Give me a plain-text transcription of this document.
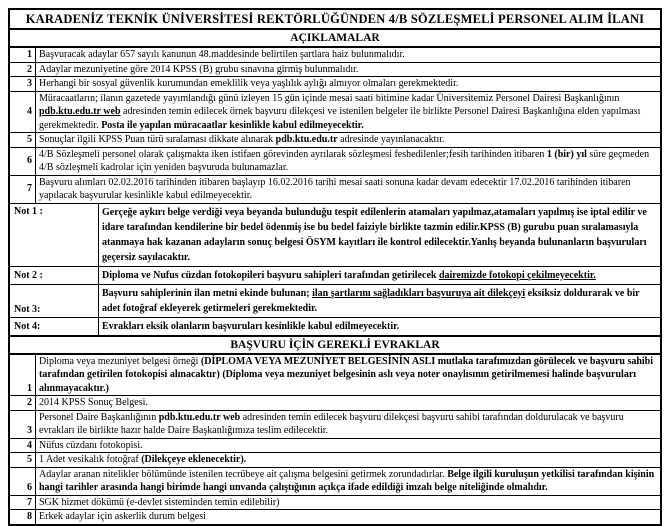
KARADENİZ TEKNİK ÜNİVERSİTESİ REKTÖRLÜĞÜNDEN 4/B SÖZLEŞMELİ PERSONEL ALIM İLANI
AÇIKLAMALAR
1 Başvuracak adaylar 657 sayılı kanunun 48.maddesinde belirtilen şartlara haiz bulunmalıdır.
2 Adaylar mezuniyetine göre 2014 KPSS (B) grubu sınavına girmiş bulunmalıdır.
3 Herhangi bir sosyal güvenlik kurumundan emeklilik veya yaşlılık aylığı almıyor olmaları gerekmektedir.
4
Müracaatların; ilanın gazetede yayımlandığı günü izleyen 15 gün içinde mesai saati bitimine kadar Üniversitemiz Personel Dairesi Başkanlığının pdb.ktu.edu.tr web adresinden temin edilecek örnek başvuru dilekçesi ve istenilen belgeler ile birlikte Personel Dairesi Başkanlığına elden yapılması gerekmektedir. Posta ile yapılan müracaatlar kesinlikle kabul edilmeyecektir.
5 Sonuçlar ilgili KPSS Puan türü sıralaması dikkate alınarak pdb.ktu.edu.tr adresinde yayınlanacaktır.
6
4/B Sözleşmeli personel olarak çalışmakta iken istifaen görevinden ayrılarak sözleşmesi feshedilenler;fesih tarihinden itibaren 1 (bir) yıl süre geçmeden 4/B sözleşmeli kadrolar için yeniden başvuruda bulunamazlar.
7
Başvuru alımları 02.02.2016 tarihinden itibaren başlayıp 16.02.2016 tarihi mesai saati sonuna kadar devam edecektir 17.02.2016 tarihinden itibaren yapılacak başvurular kesinlikle kabul edilmeyecektir.
Not 1 :	Gerçeğe aykırı belge verdiği veya beyanda bulunduğu tespit edilenlerin atamaları yapılmaz,atamaları yapılmış ise iptal edilir ve idare tarafından kendilerine bir bedel ödenmiş ise bu bedel faiziyle birlikte tazmin edilir.KPSS (B) gurubu puan sıralamasıyla atanmaya hak kazanan adayların sonuç belgesi ÖSYM kayıtları ile kontrol edilecektir.Yanlış beyanda bulunanların başvuruları geçersiz sayılacaktır.
Not 2 :	Diploma ve Nufus cüzdan fotokopileri başvuru sahipleri tarafından getirilecek dairemizde fotokopi çekilmeyecektir.
Not 3:
Başvuru sahiplerinin ilan metni ekinde bulunan; ilan şartlarını sağladıkları başvuruya ait dilekçeyi eksiksiz doldurarak ve bir adet fotoğraf ekleyerek getirmeleri gerekmektedir.
Not 4:	Evrakları eksik olanların başvuruları kesinlikle kabul edilmeyecektir.
BAŞVURU İÇİN GEREKLİ EVRAKLAR
1
Diploma veya mezuniyet belgesi örneği (DİPLOMA VEYA MEZUNİYET BELGESİNİN ASLI mutlaka tarafımızdan görülecek ve başvuru sahibi tarafından getirilen fotokopisi alınacaktır) (Diploma veya mezuniyet belgesinin aslı veya noter onaylısının getirilmemesi halinde başvuruları alınmayacaktır.)
2 2014 KPSS Sonuç Belgesi.
3
Personel Daire Başkanlığının pdb.ktu.edu.tr web adresinden temin edilecek başvuru dilekçesi başvuru sahibi tarafından doldurulacak ve başvuru evrakları ile birlikte hazır halde Daire Başkanlığımıza teslim edilecektir.
4 Nüfus cüzdanı fotokopisi.
5 1 Adet vesikalık fotoğraf (Dilekçeye eklenecektir).
6
Adaylar aranan nitelikler bölümünde istenilen tecrübeye ait çalışma belgesini getirmek zorundadırlar. Belge ilgili kuruluşun yetkilisi tarafından kişinin hangi tarihler arasında hangi birimde hangi unvanda çalıştığının açıkça ifade edildiği imzalı belge niteliğinde olmalıdır.
7 SGK hizmet dökümü (e-devlet sisteminden temin edilebilir)
8 Erkek adaylar için askerlik durum belgesi
